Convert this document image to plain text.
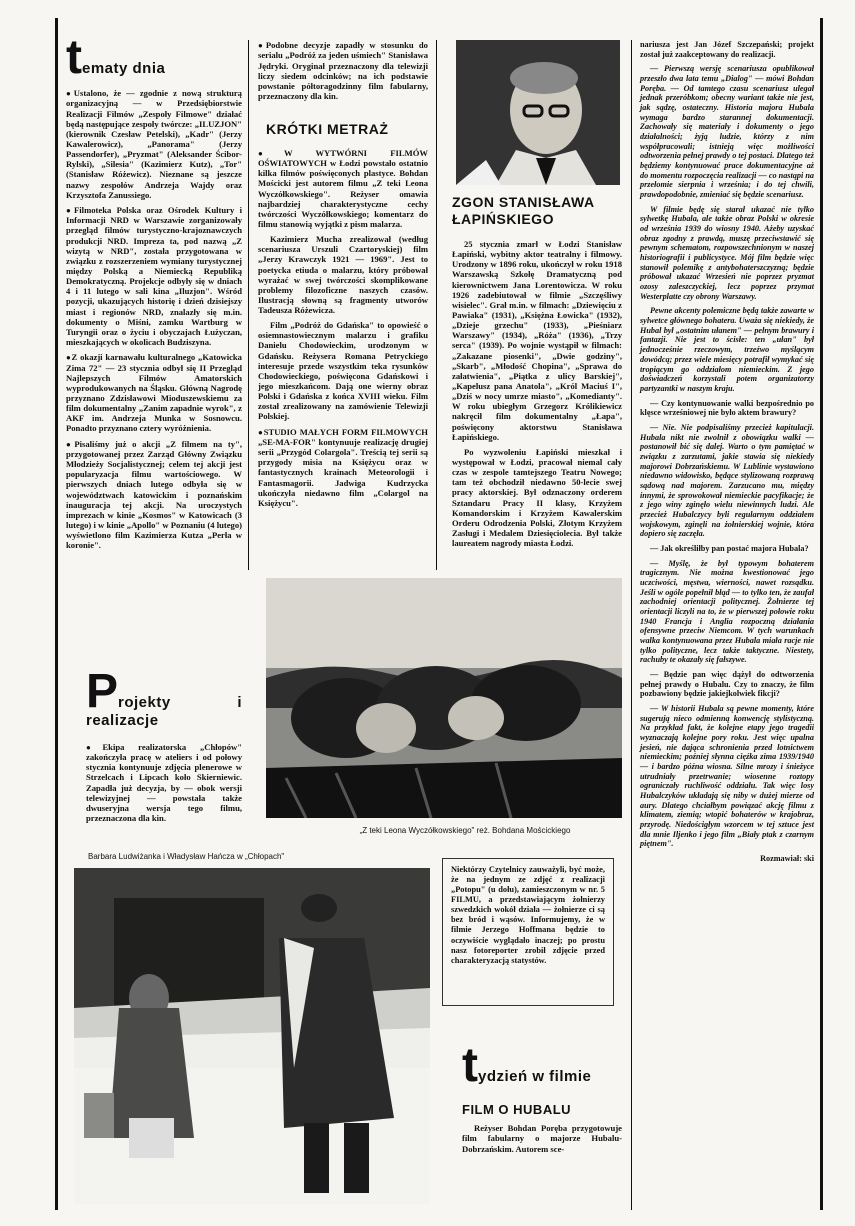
tematy dnia

● Ustalono, że — zgodnie z nową strukturą organizacyjną — w Przedsiębiorstwie Realizacji Filmów „Zespoły Filmowe" działać będą następujące zespoły twórcze: „ILUZJON" (kierownik Czesław Petelski), „Kadr" (Jerzy Kawalerowicz), „Panorama" (Jerzy Passendorfer), „Pryzmat" (Aleksander Ścibor-Rylski), „Silesia" (Kazimierz Kutz), „Tor" (Stanisław Różewicz). Nieznane są jeszcze nazwy zespołów Andrzeja Wajdy oraz Krzysztofa Zanussiego.

● Filmoteka Polska oraz Ośrodek Kultury i Informacji NRD w Warszawie zorganizowały przegląd filmów turystyczno-krajoznawczych produkcji NRD. Impreza ta, pod nazwą „Z wizytą w NRD", została przygotowana w związku z rozszerzeniem wymiany turystycznej między Polską a Niemiecką Republiką Demokratyczną. Projekcje odbyły się w dniach 4 i 11 lutego w sali kina „Iluzjon". Wśród pozycji, ukazujących historię i dzień dzisiejszy miast i regionów NRD, znalazły się m.in. dokumenty o Miśni, zamku Wartburg w Turyngii oraz o życiu i obyczajach Łużyczan, mieszkających w okolicach Budziszyna.

● Z okazji karnawału kulturalnego „Katowicka Zima 72" — 23 stycznia odbył się II Przegląd Najlepszych Filmów Amatorskich wyprodukowanych na Śląsku. Główną Nagrodę przyznano Zdzisławowi Mioduszewskiemu za film dokumentalny „Zanim zapadnie wyrok", z AKF im. Andrzeja Munka w Sosnowcu. Ponadto przyznano cztery wyróżnienia.

● Pisaliśmy już o akcji „Z filmem na ty", przygotowanej przez Zarząd Główny Związku Młodzieży Socjalistycznej; celem tej akcji jest popularyzacja filmu wartościowego. W pierwszych dniach lutego odbyła się w województwach katowickim i poznańskim inauguracja tej akcji. Na uroczystych imprezach w kinie „Kosmos" w Katowicach (3 lutego) i w kinie „Apollo" w Poznaniu (4 lutego) wyświetlono film Kazimierza Kutza „Perła w koronie".

Projekty i realizacje

● Ekipa realizatorska „Chłopów" zakończyła pracę w ateliers i od połowy stycznia kontynuuje zdjęcia plenerowe w Strzelcach i Lipcach koło Skierniewic. Zapadła już decyzja, by — obok wersji telewizyjnej — powstała także dwuseryjna wersja tego filmu, przeznaczona dla kin.

● Podobne decyzje zapadły w stosunku do serialu „Podróż za jeden uśmiech" Stanisława Jędryki. Oryginał przeznaczony dla telewizji liczy siedem odcinków; na ich podstawie powstanie półtoragodzinny film fabularny, przeznaczony dla kin.

KRÓTKI METRAŻ

● W WYTWÓRNI FILMÓW OŚWIATOWYCH w Łodzi powstało ostatnio kilka filmów poświęconych plastyce. Bohdan Mościcki jest autorem filmu „Z teki Leona Wyczółkowskiego". Reżyser omawia najbardziej charakterystyczne cechy twórczości Wyczółkowskiego; komentarz do filmu stanowią wyjątki z pism malarza.

Kazimierz Mucha zrealizował (według scenariusza Urszuli Czartoryskiej) film „Jerzy Krawczyk 1921 — 1969". Jest to poetycka etiuda o malarzu, który próbował wyrażać w swej twórczości skomplikowane problemy filozoficzne naszych czasów. Ilustracją słowną są fragmenty utworów Tadeusza Różewicza.

Film „Podróż do Gdańska" to opowieść o osiemnastowiecznym malarzu i grafiku Danielu Chodowieckim, urodzonym w Gdańsku. Reżysera Romana Petryckiego interesuje przede wszystkim teka rysunków Chodowieckiego, poświęcona Gdańskowi i jego mieszkańcom. Dają one wierny obraz Polski i Gdańska z końca XVIII wieku. Film został zrealizowany na zamówienie Telewizji Polskiej.

● STUDIO MAŁYCH FORM FILMOWYCH „SE-MA-FOR" kontynuuje realizację drugiej serii „Przygód Colargola". Treścią tej serii są przygody misia na Księżycu oraz w fantastycznych krainach Meteorologii i Fantasmagorii. Jadwiga Kudrzycka ukończyła niedawno film „Colargol na Księżycu".

ZGON STANISŁAWA
ŁAPIŃSKIEGO

25 stycznia zmarł w Łodzi Stanisław Łapiński, wybitny aktor teatralny i filmowy. Urodzony w 1896 roku, ukończył w roku 1918 Warszawską Szkołę Dramatyczną pod kierownictwem Jana Lorentowicza. W roku 1926 zadebiutował w filmie „Szczęśliwy wisielec". Grał m.in. w filmach: „Dziewięciu z Pawiaka" (1931), „Księżna Łowicka" (1932), „Dzieje grzechu" (1933), „Pieśniarz Warszawy" (1934), „Róża" (1936), „Trzy serca" (1939). Po wojnie wystąpił w filmach: „Zakazane piosenki", „Dwie godziny", „Skarb", „Młodość Chopina", „Sprawa do załatwienia", „Piątka z ulicy Barskiej", „Kapelusz pana Anatola", „Król Maciuś I", „Dziś w nocy umrze miasto", „Komedianty". W roku ubiegłym Grzegorz Królikiewicz nakręcił film dokumentalny „Łapa", poświęcony aktorstwu Stanisława Łapińskiego.

Po wyzwoleniu Łapiński mieszkał i występował w Łodzi, pracował niemal cały czas w zespole tamtejszego Teatru Nowego; tam też obchodził niedawno 50-lecie swej pracy aktorskiej. Był odznaczony orderem Sztandaru Pracy II klasy, Krzyżem Komandorskim i Krzyżem Kawalerskim Orderu Odrodzenia Polski, Złotym Krzyżem Zasługi i Medalem Dziesięciolecia. Był także laureatem nagrody miasta Łodzi.

„Z teki Leona Wyczółkowskiego" reż. Bohdana Mościckiego
Barbara Ludwiżanka i Władysław Hańcza w „Chłopach"

Niektórzy Czytelnicy zauważyli, być może, że na jednym ze zdjęć z realizacji „Potopu" (u dołu), zamieszczonym w nr. 5 FILMU, a przedstawiającym żołnierzy szwedzkich wokół działa — żołnierze ci są bez bród i wąsów. Informujemy, że w filmie Jerzego Hoffmana będzie to oczywiście wyglądało inaczej; po prostu nasz fotoreporter zrobił zdjęcie przed charakteryzacją statystów.

tydzień w filmie
FILM O HUBALU

Reżyser Bohdan Poręba przygotowuje film fabularny o majorze Hubalu-Dobrzańskim. Autorem sce-

nariusza jest Jan Józef Szczepański; projekt został już zaakceptowany do realizacji.

— Pierwszą wersję scenariusza opublikował przeszło dwa lata temu „Dialog" — mówi Bohdan Poręba. — Od tamtego czasu scenariusz ulegał jednak przeróbkom; obecny wariant także nie jest, jak sądzę, ostateczny. Historia majora Hubala wymaga bardzo starannej dokumentacji. Zachowały się materiały i dokumenty o jego działalności; żyją ludzie, którzy z nim współpracowali; istnieją więc możliwości odtworzenia pełnej prawdy o tej postaci. Dlatego też będziemy kontynuować prace dokumentacyjne aż do momentu rozpoczęcia realizacji — co nastąpi na przełomie sierpnia i września; i do tej chwili, prawdopodobnie, zmieniać się będzie scenariusz.

W filmie będę się starał ukazać nie tylko sylwetkę Hubala, ale także obraz Polski w okresie od września 1939 do wiosny 1940. Ażeby uzyskać obraz zgodny z prawdą, muszę przeciwstawić się pewnym schematom, rozpowszechnionym w naszej historiografii i publicystyce. Mój film będzie więc stanowił polemikę z antybohaterszczyzną; będzie próbował ukazać Wrzesień nie poprzez pryzmat ozosy zaleszczyckiej, lecz poprzez przymat Westerplatte czy obrony Warszawy.

Pewne akcenty polemiczne będą także zawarte w sylwetce głównego bohatera. Uważa się niekiedy, że Hubal był „ostatnim ułanem" — pełnym brawury i fantazji. Nie jest to ścisłe: ten „ułan" był jednocześnie rzeczowym, trzeźwo myślącym dowódcą; przez wiele miesięcy potrafił wymykać się tropiącym go oddziałom niemieckim. Z jego doświadczeń korzystali potem organizatorzy partyzantki w naszym kraju.

— Czy kontynuowanie walki bezpośrednio po klęsce wrześniowej nie było aktem brawury?

— Nie. Nie podpisaliśmy przecież kapitulacji. Hubala nikt nie zwolnił z obowiązku walki — postanowił bić się dalej. Warto o tym pamiętać w związku z zarzutami, jakie stawia się niekiedy majorowi Dobrzańskiemu. W Lublinie wystawiono niedawno widowisko, będące stylizowaną rozprawą sądową nad majorem. Zarzucano mu, między innymi, że sprowokował niemieckie pacyfikacje; że z jego winy zginęło wielu niewinnych ludzi. Ale przecież Hubalczycy byli regularnym oddziałem wojskowym, zginęli na żołnierskiej wojnie, która dopiero się zaczęła.

— Jak określiłby pan postać majora Hubala?

— Myślę, że był typowym bohaterem tragicznym. Nie można kwestionować jego uczciwości, męstwa, wierności, nawet rozsądku. Jeśli w ogóle popełnił błąd — to tylko ten, że zaufał zachodniej orientacji politycznej. Żołnierze tej orientacji liczyli na to, że w pierwszej połowie roku 1940 Francja i Anglia rozpoczną działania ofensywne przeciw Niemcom. W tych warunkach walka kontynuowana przez Hubala miała racje nie tylko polityczne, lecz także taktyczne. Niestety, rachuby te okazały się fałszywe.

— Będzie pan więc dążył do odtworzenia pełnej prawdy o Hubalu. Czy to znaczy, że film pozbawiony będzie jakiejkolwiek fikcji?

— W historii Hubala są pewne momenty, które sugerują nieco odmienną konwencję stylistyczną. Na przykład fakt, że kolejne etapy jego tragedii wyznaczają kolejne pory roku. Jest więc upalna jesień, nie dająca schronienia przed lotnictwem niemieckim; poźniej słynna cięźka zima 1939/1940 — i bardzo późna wiosna. Silne mrozy i śnieżyce utrudniały przetrwanie; wiosenne roztopy ograniczały ruchliwość oddziału. Tak więc losy Hubalczyków układają się niby w dużej mierze od aury. Dlatego chciałbym powiązać akcję filmu z klimatem, ziemią; wtopić bohaterów w krajobraz, przyrodę. Niedościgłym wzorcem w tej sztuce jest dla mnie Iljenko i jego film „Biały ptak z czarnym piętnem".

Rozmawiał: ski
